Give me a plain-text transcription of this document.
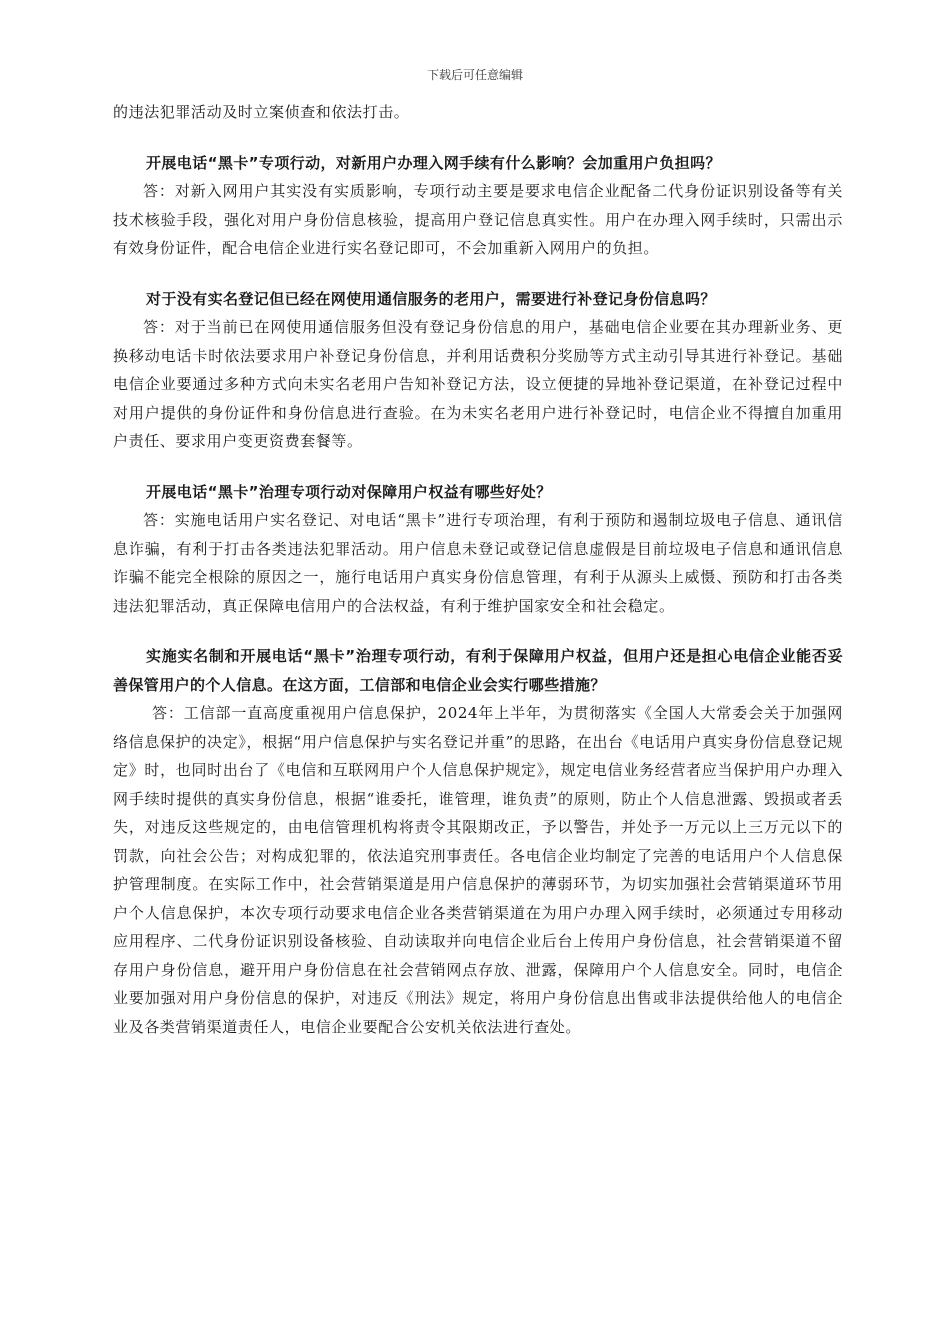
下载后可任意编辑

的违法犯罪活动及时立案侦查和依法打击。

开展电话“黑卡”专项行动，对新用户办理入网手续有什么影响？会加重用户负担吗？

答：对新入网用户其实没有实质影响，专项行动主要是要求电信企业配备二代身份证识别设备等有关技术核验手段，强化对用户身份信息核验，提高用户登记信息真实性。用户在办理入网手续时，只需出示有效身份证件，配合电信企业进行实名登记即可，不会加重新入网用户的负担。

对于没有实名登记但已经在网使用通信服务的老用户，需要进行补登记身份信息吗？

答：对于当前已在网使用通信服务但没有登记身份信息的用户，基础电信企业要在其办理新业务、更换移动电话卡时依法要求用户补登记身份信息，并利用话费积分奖励等方式主动引导其进行补登记。基础电信企业要通过多种方式向未实名老用户告知补登记方法，设立便捷的异地补登记渠道，在补登记过程中对用户提供的身份证件和身份信息进行查验。在为未实名老用户进行补登记时，电信企业不得擅自加重用户责任、要求用户变更资费套餐等。

开展电话“黑卡”治理专项行动对保障用户权益有哪些好处？

答：实施电话用户实名登记、对电话“黑卡”进行专项治理，有利于预防和遏制垃圾电子信息、通讯信息诈骗，有利于打击各类违法犯罪活动。用户信息未登记或登记信息虚假是目前垃圾电子信息和通讯信息诈骗不能完全根除的原因之一，施行电话用户真实身份信息管理，有利于从源头上威慑、预防和打击各类违法犯罪活动，真正保障电信用户的合法权益，有利于维护国家安全和社会稳定。

实施实名制和开展电话“黑卡”治理专项行动，有利于保障用户权益，但用户还是担心电信企业能否妥善保管用户的个人信息。在这方面，工信部和电信企业会实行哪些措施？

答：工信部一直高度重视用户信息保护，2024年上半年，为贯彻落实《全国人大常委会关于加强网络信息保护的决定》，根据“用户信息保护与实名登记并重”的思路，在出台《电话用户真实身份信息登记规定》时，也同时出台了《电信和互联网用户个人信息保护规定》，规定电信业务经营者应当保护用户办理入网手续时提供的真实身份信息，根据“谁委托，谁管理，谁负责”的原则，防止个人信息泄露、毁损或者丢失，对违反这些规定的，由电信管理机构将责令其限期改正，予以警告，并处予一万元以上三万元以下的罚款，向社会公告；对构成犯罪的，依法追究刑事责任。各电信企业均制定了完善的电话用户个人信息保护管理制度。在实际工作中，社会营销渠道是用户信息保护的薄弱环节，为切实加强社会营销渠道环节用户个人信息保护，本次专项行动要求电信企业各类营销渠道在为用户办理入网手续时，必须通过专用移动应用程序、二代身份证识别设备核验、自动读取并向电信企业后台上传用户身份信息，社会营销渠道不留存用户身份信息，避开用户身份信息在社会营销网点存放、泄露，保障用户个人信息安全。同时，电信企业要加强对用户身份信息的保护，对违反《刑法》规定，将用户身份信息出售或非法提供给他人的电信企业及各类营销渠道责任人，电信企业要配合公安机关依法进行查处。
